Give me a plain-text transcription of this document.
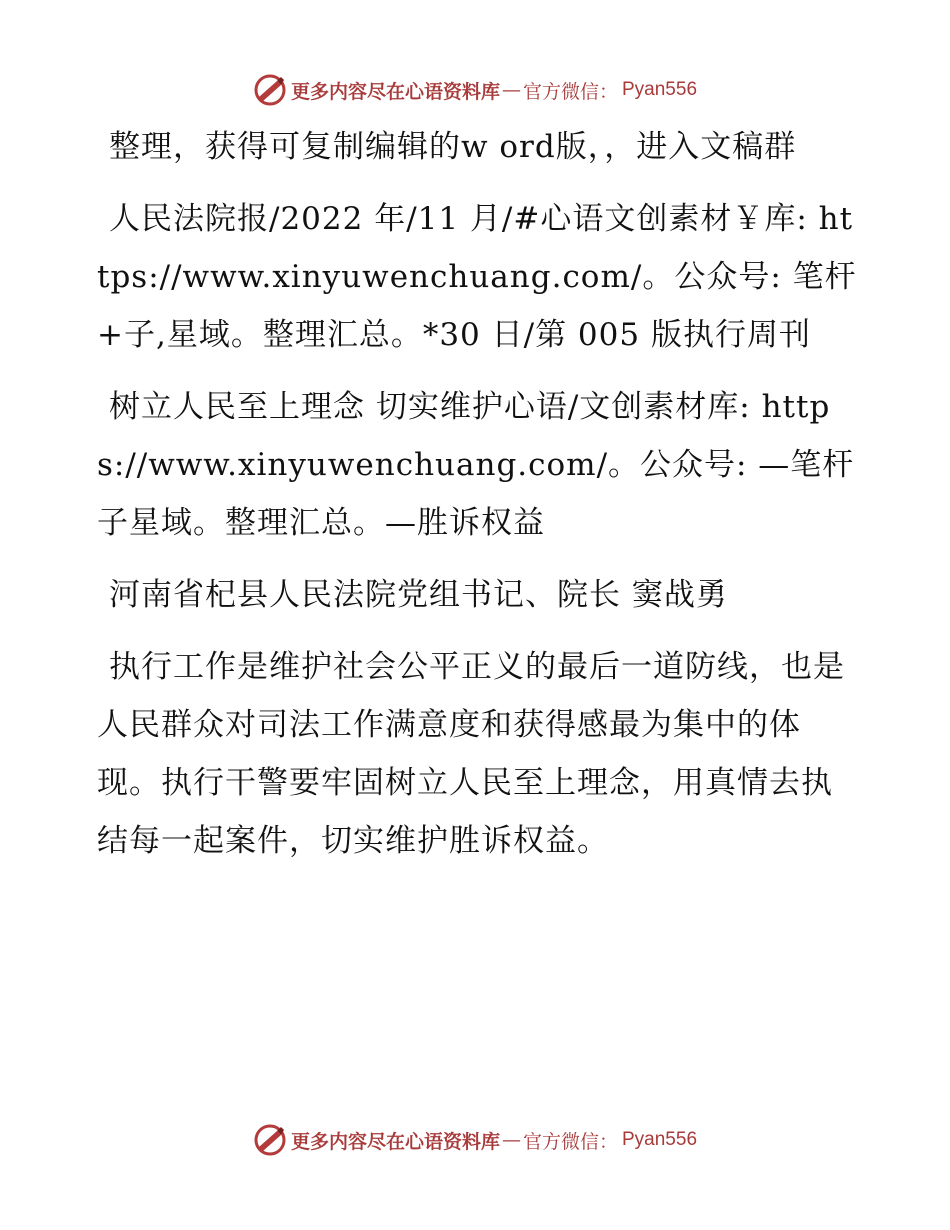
更多内容尽在心语资料库 — 官方微信： Pyan556

整理，获得可复制编辑的w ord版，，进入文稿群

人民法院报/2022 年/11 月/#心语文创素材￥库: https://www.xinyuwenchuang.com/。公众号: 笔杆+子,星域。整理汇总。*30 日/第 005 版执行周刊

树立人民至上理念 切实维护心语/文创素材库: https://www.xinyuwenchuang.com/。公众号: —笔杆子星域。整理汇总。—胜诉权益

河南省杞县人民法院党组书记、院长 窦战勇

执行工作是维护社会公平正义的最后一道防线，也是人民群众对司法工作满意度和获得感最为集中的体现。执行干警要牢固树立人民至上理念，用真情去执结每一起案件，切实维护胜诉权益。

更多内容尽在心语资料库 — 官方微信： Pyan556
